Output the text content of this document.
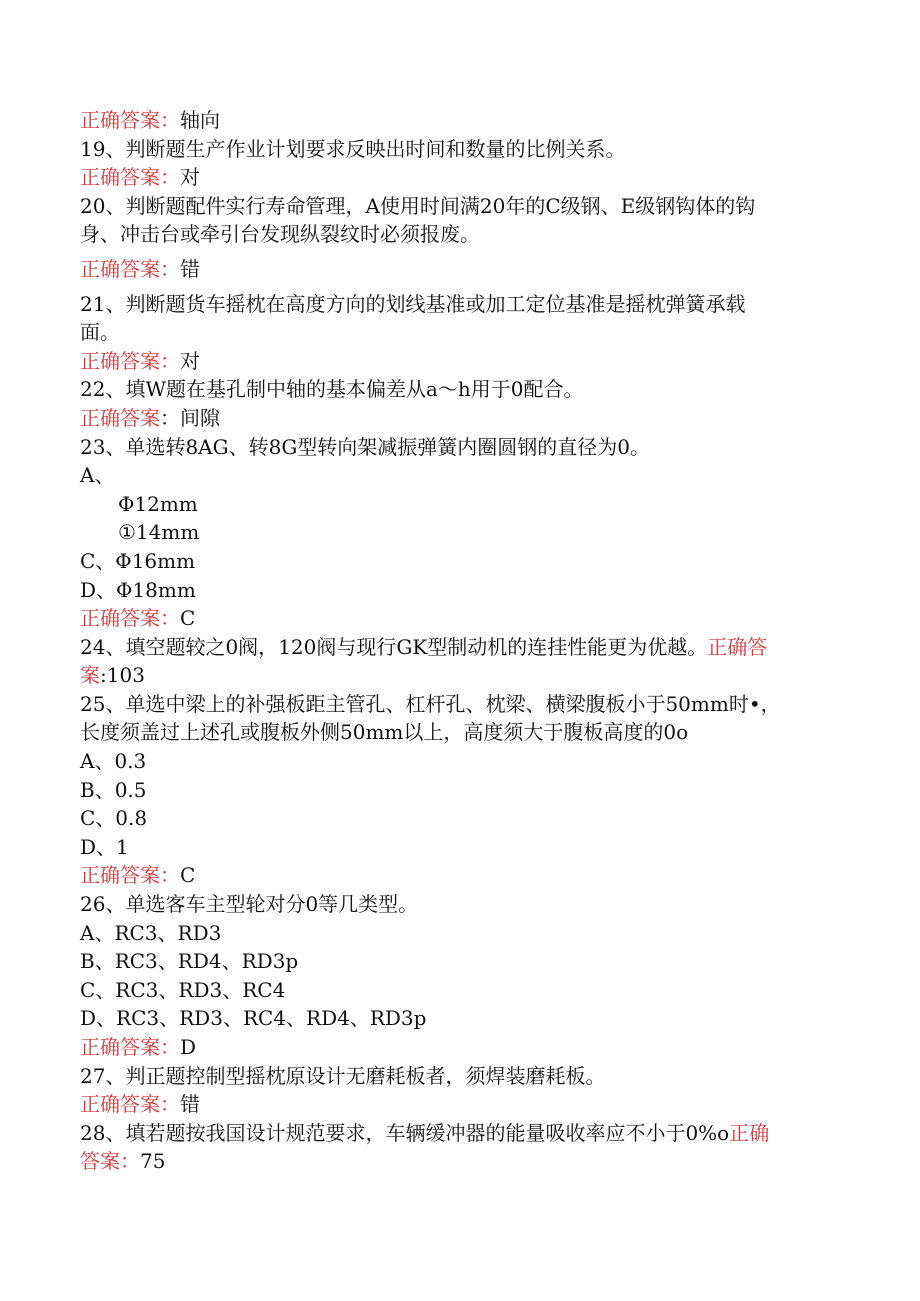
正确答案：轴向

19、判断题生产作业计划要求反映出时间和数量的比例关系。

正确答案：对

20、判断题配件实行寿命管理，A使用时间满20年的C级钢、E级钢钩体的钩

身、冲击台或牵引台发现纵裂纹时必须报废。

正确答案：错

21、判断题货车摇枕在高度方向的划线基准或加工定位基准是摇枕弹簧承载

面。

正确答案：对

22、填W题在基孔制中轴的基本偏差从a～h用于0配合。

正确答案：间隙

23、单选转8AG、转8G型转向架减振弹簧内圈圆钢的直径为0。

A、

Φ12mm

①14mm

C、Φ16mm

D、Φ18mm

正确答案：C

24、填空题较之0阀，120阀与现行GK型制动机的连挂性能更为优越。正确答

案:103

25、单选中梁上的补强板距主管孔、杠杆孔、枕梁、横梁腹板小于50mm时•，

长度须盖过上述孔或腹板外侧50mm以上，高度须大于腹板高度的0o

A、0.3

B、0.5

C、0.8

D、1

正确答案：C

26、单选客车主型轮对分0等几类型。

A、RC3、RD3

B、RC3、RD4、RD3p

C、RC3、RD3、RC4

D、RC3、RD3、RC4、RD4、RD3p

正确答案：D

27、判正题控制型摇枕原设计无磨耗板者，须焊装磨耗板。

正确答案：错

28、填若题按我国设计规范要求，车辆缓冲器的能量吸收率应不小于0%o正确

答案：75
